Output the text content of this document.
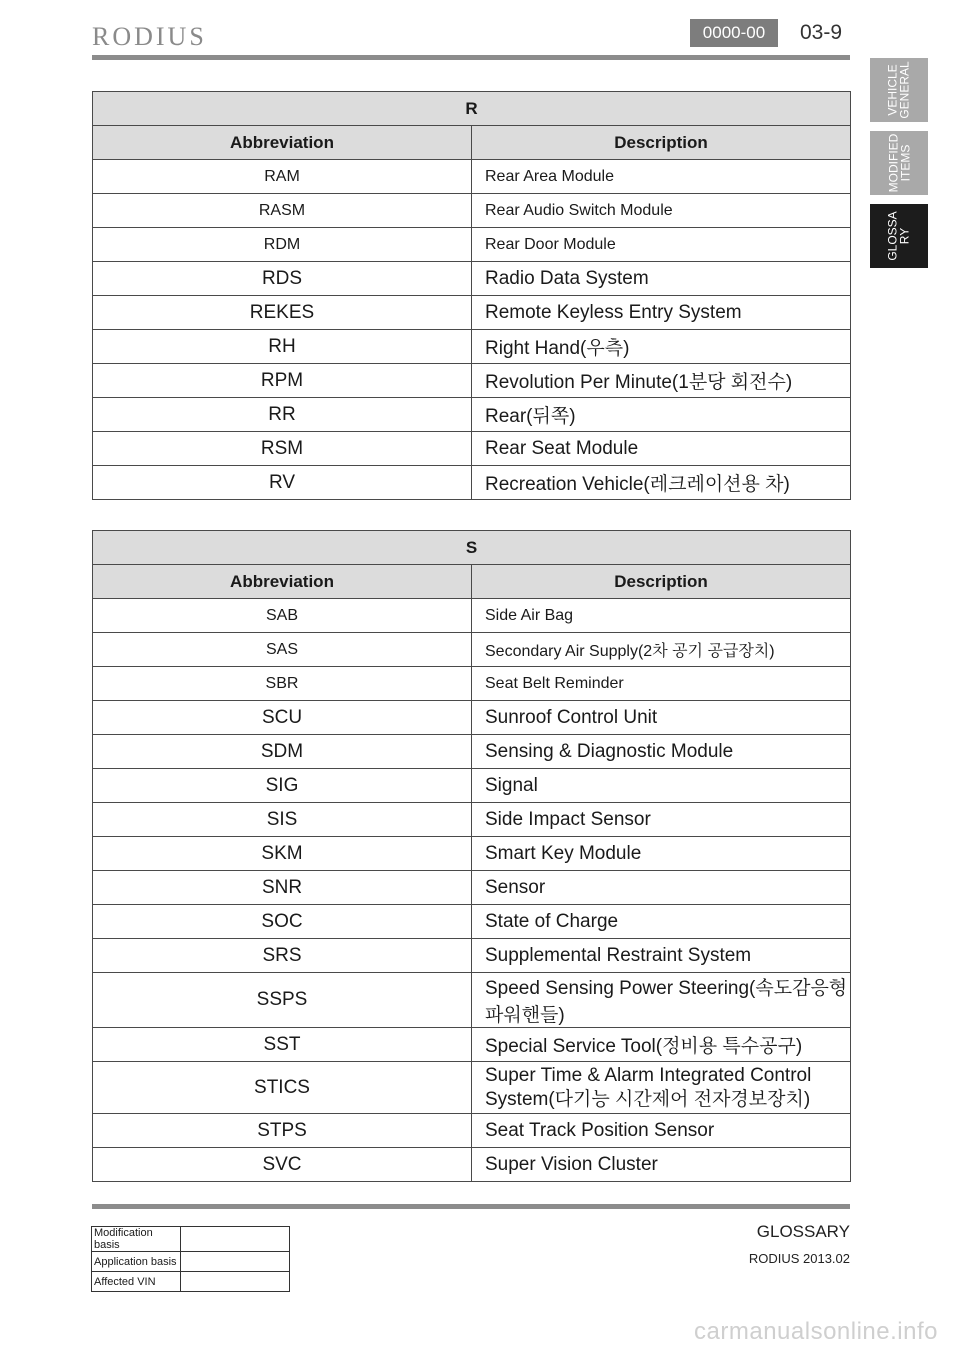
RODIUS	0000-00	03-9
VEHICLE
GENERAL
MODIFIED
ITEMS
GLOSSA
RY
R	
Abbreviation	Description
RAM	Rear Area Module
RASM	Rear Audio Switch Module
RDM	Rear Door Module
RDS	Radio Data System
REKES	Remote Keyless Entry System
RH	Right Hand(우측)
RPM	Revolution Per Minute(1분당 회전수)
RR	Rear(뒤쪽)
RSM	Rear Seat Module
RV	Recreation Vehicle(레크레이션용 차)
S	
Abbreviation	Description
SAB	Side Air Bag
SAS	Secondary Air Supply(2차 공기 공급장치)
SBR	Seat Belt Reminder
SCU	Sunroof Control Unit
SDM	Sensing & Diagnostic Module
SIG	Signal
SIS	Side Impact Sensor
SKM	Smart Key Module
SNR	Sensor
SOC	State of Charge
SRS	Supplemental Restraint System
SSPS	Speed Sensing Power Steering(속도감응형 파워핸들)
SST	Special Service Tool(정비용 특수공구)
STICS	Super Time & Alarm Integrated Control System(다기능 시간제어 전자경보장치)
STPS	Seat Track Position Sensor
SVC	Super Vision Cluster
Modification basis	
Application basis	
Affected VIN	
GLOSSARY
RODIUS 2013.02
carmanualsonline.info
